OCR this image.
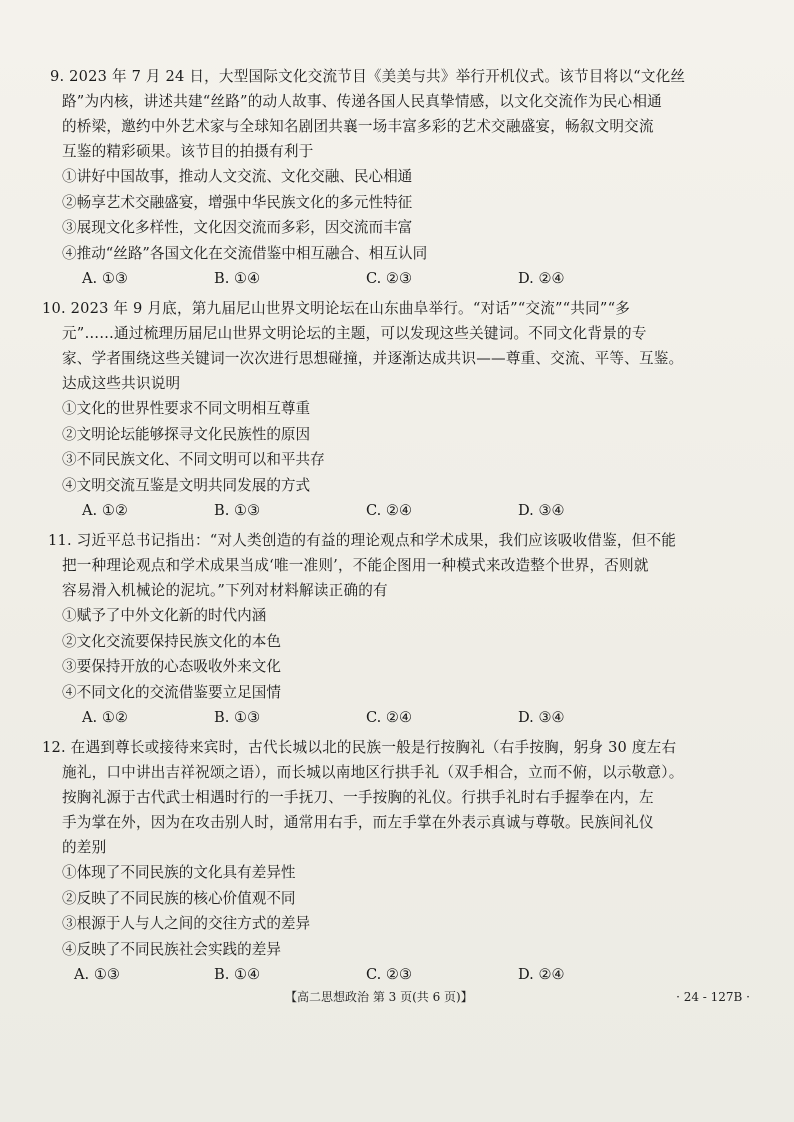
9. 2023 年 7 月 24 日，大型国际文化交流节目《美美与共》举行开机仪式。该节目将以“文化丝
路”为内核，讲述共建“丝路”的动人故事、传递各国人民真挚情感，以文化交流作为民心相通
的桥梁，邀约中外艺术家与全球知名剧团共襄一场丰富多彩的艺术交融盛宴，畅叙文明交流
互鉴的精彩硕果。该节目的拍摄有利于
①讲好中国故事，推动人文交流、文化交融、民心相通
②畅享艺术交融盛宴，增强中华民族文化的多元性特征
③展现文化多样性，文化因交流而多彩，因交流而丰富
④推动“丝路”各国文化在交流借鉴中相互融合、相互认同
A. ①③	B. ①④	C. ②③	D. ②④
10. 2023 年 9 月底，第九届尼山世界文明论坛在山东曲阜举行。“对话”“交流”“共同”“多
元”……通过梳理历届尼山世界文明论坛的主题，可以发现这些关键词。不同文化背景的专
家、学者围绕这些关键词一次次进行思想碰撞，并逐渐达成共识——尊重、交流、平等、互鉴。
达成这些共识说明
①文化的世界性要求不同文明相互尊重
②文明论坛能够探寻文化民族性的原因
③不同民族文化、不同文明可以和平共存
④文明交流互鉴是文明共同发展的方式
A. ①②	B. ①③	C. ②④	D. ③④
11. 习近平总书记指出：“对人类创造的有益的理论观点和学术成果，我们应该吸收借鉴，但不能
把一种理论观点和学术成果当成‘唯一准则’，不能企图用一种模式来改造整个世界，否则就
容易滑入机械论的泥坑。”下列对材料解读正确的有
①赋予了中外文化新的时代内涵
②文化交流要保持民族文化的本色
③要保持开放的心态吸收外来文化
④不同文化的交流借鉴要立足国情
A. ①②	B. ①③	C. ②④	D. ③④
12. 在遇到尊长或接待来宾时，古代长城以北的民族一般是行按胸礼（右手按胸，躬身 30 度左右
施礼，口中讲出吉祥祝颂之语），而长城以南地区行拱手礼（双手相合，立而不俯，以示敬意）。
按胸礼源于古代武士相遇时行的一手抚刀、一手按胸的礼仪。行拱手礼时右手握拳在内，左
手为掌在外，因为在攻击别人时，通常用右手，而左手掌在外表示真诚与尊敬。民族间礼仪
的差别
①体现了不同民族的文化具有差异性
②反映了不同民族的核心价值观不同
③根源于人与人之间的交往方式的差异
④反映了不同民族社会实践的差异
A. ①③	B. ①④	C. ②③	D. ②④
【高二思想政治 第 3 页(共 6 页)】	· 24 - 127B ·
